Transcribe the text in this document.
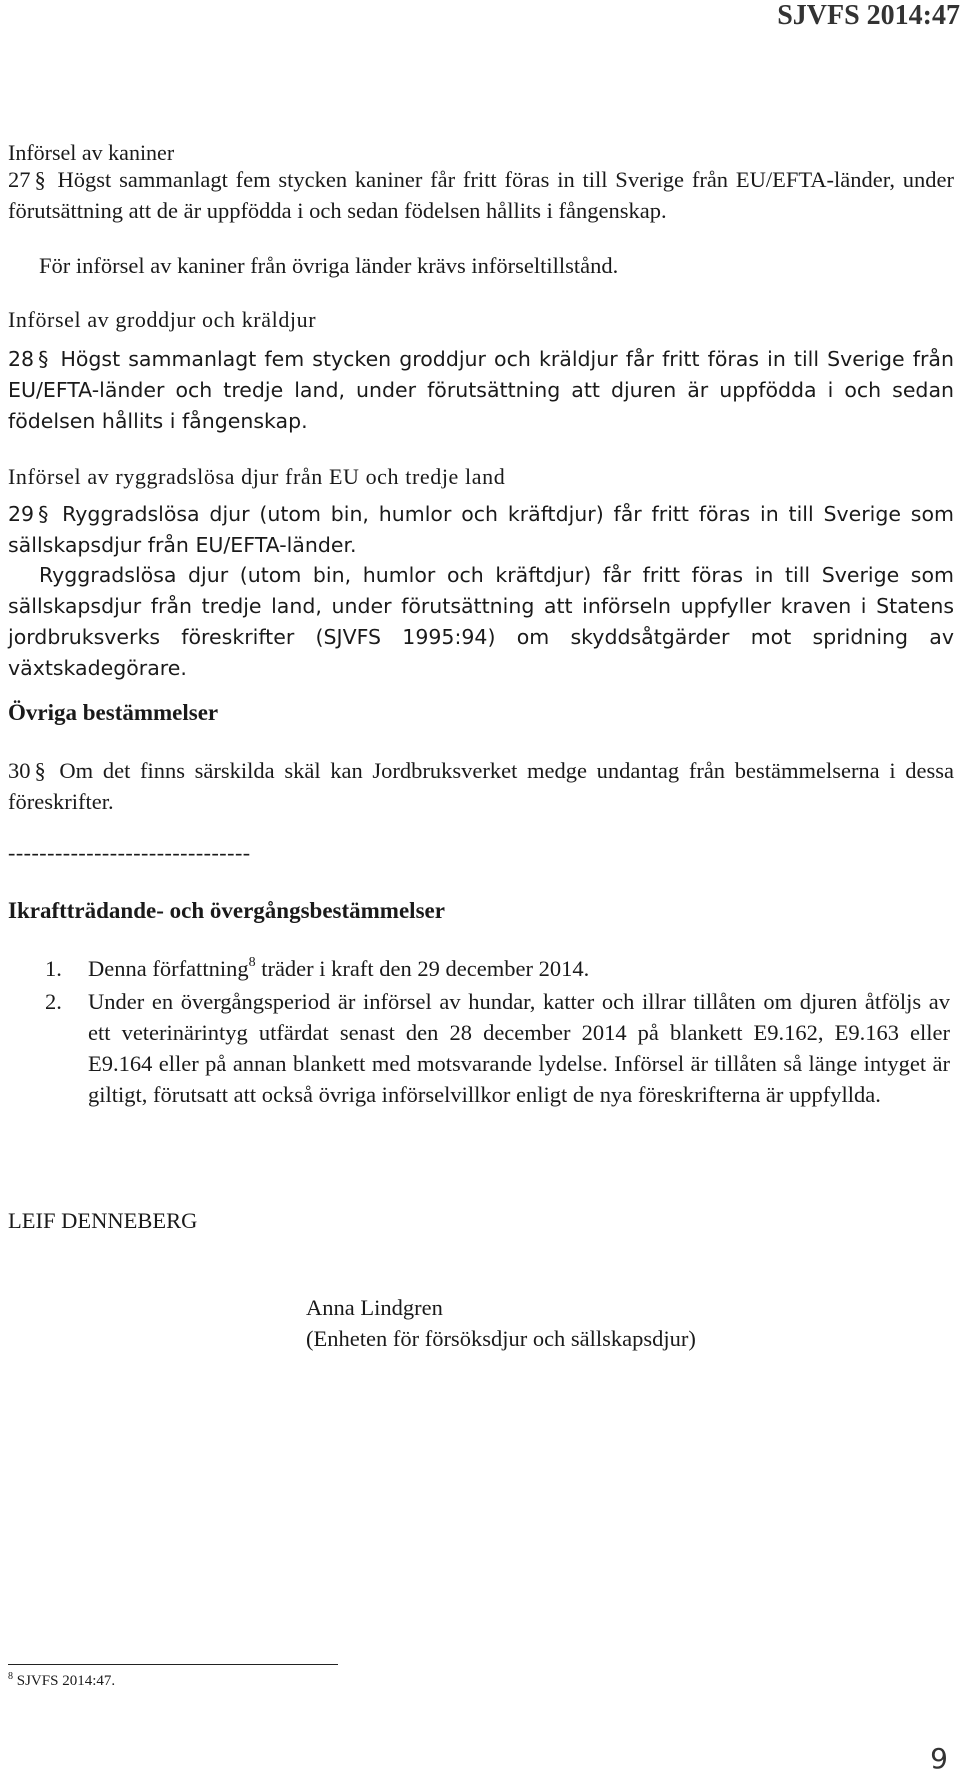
SJVFS 2014:47
Införsel av kaniner
27 § Högst sammanlagt fem stycken kaniner får fritt föras in till Sverige från EU/EFTA-länder, under förutsättning att de är uppfödda i och sedan födelsen hållits i fångenskap.
För införsel av kaniner från övriga länder krävs införseltillstånd.
Införsel av groddjur och kräldjur
28 § Högst sammanlagt fem stycken groddjur och kräldjur får fritt föras in till Sverige från EU/EFTA-länder och tredje land, under förutsättning att djuren är uppfödda i och sedan födelsen hållits i fångenskap.
Införsel av ryggradslösa djur från EU och tredje land
29 § Ryggradslösa djur (utom bin, humlor och kräftdjur) får fritt föras in till Sverige som sällskapsdjur från EU/EFTA-länder.
Ryggradslösa djur (utom bin, humlor och kräftdjur) får fritt föras in till Sverige som sällskapsdjur från tredje land, under förutsättning att införseln uppfyller kraven i Statens jordbruksverks föreskrifter (SJVFS 1995:94) om skyddsåtgärder mot spridning av växtskadegörare.
Övriga bestämmelser
30 § Om det finns särskilda skäl kan Jordbruksverket medge undantag från bestämmelserna i dessa föreskrifter.
-------------------------------
Ikraftträdande- och övergångsbestämmelser
1. Denna författning$^8$ träder i kraft den 29 december 2014.
2. Under en övergångsperiod är införsel av hundar, katter och illrar tillåten om djuren åtföljs av ett veterinärintyg utfärdat senast den 28 december 2014 på blankett E9.162, E9.163 eller E9.164 eller på annan blankett med motsvarande lydelse. Införsel är tillåten så länge intyget är giltigt, förutsatt att också övriga införselvillkor enligt de nya föreskrifterna är uppfyllda.
LEIF DENNEBERG
Anna Lindgren
(Enheten för försöksdjur och sällskapsdjur)
$^8$ SJVFS 2014:47.
9
